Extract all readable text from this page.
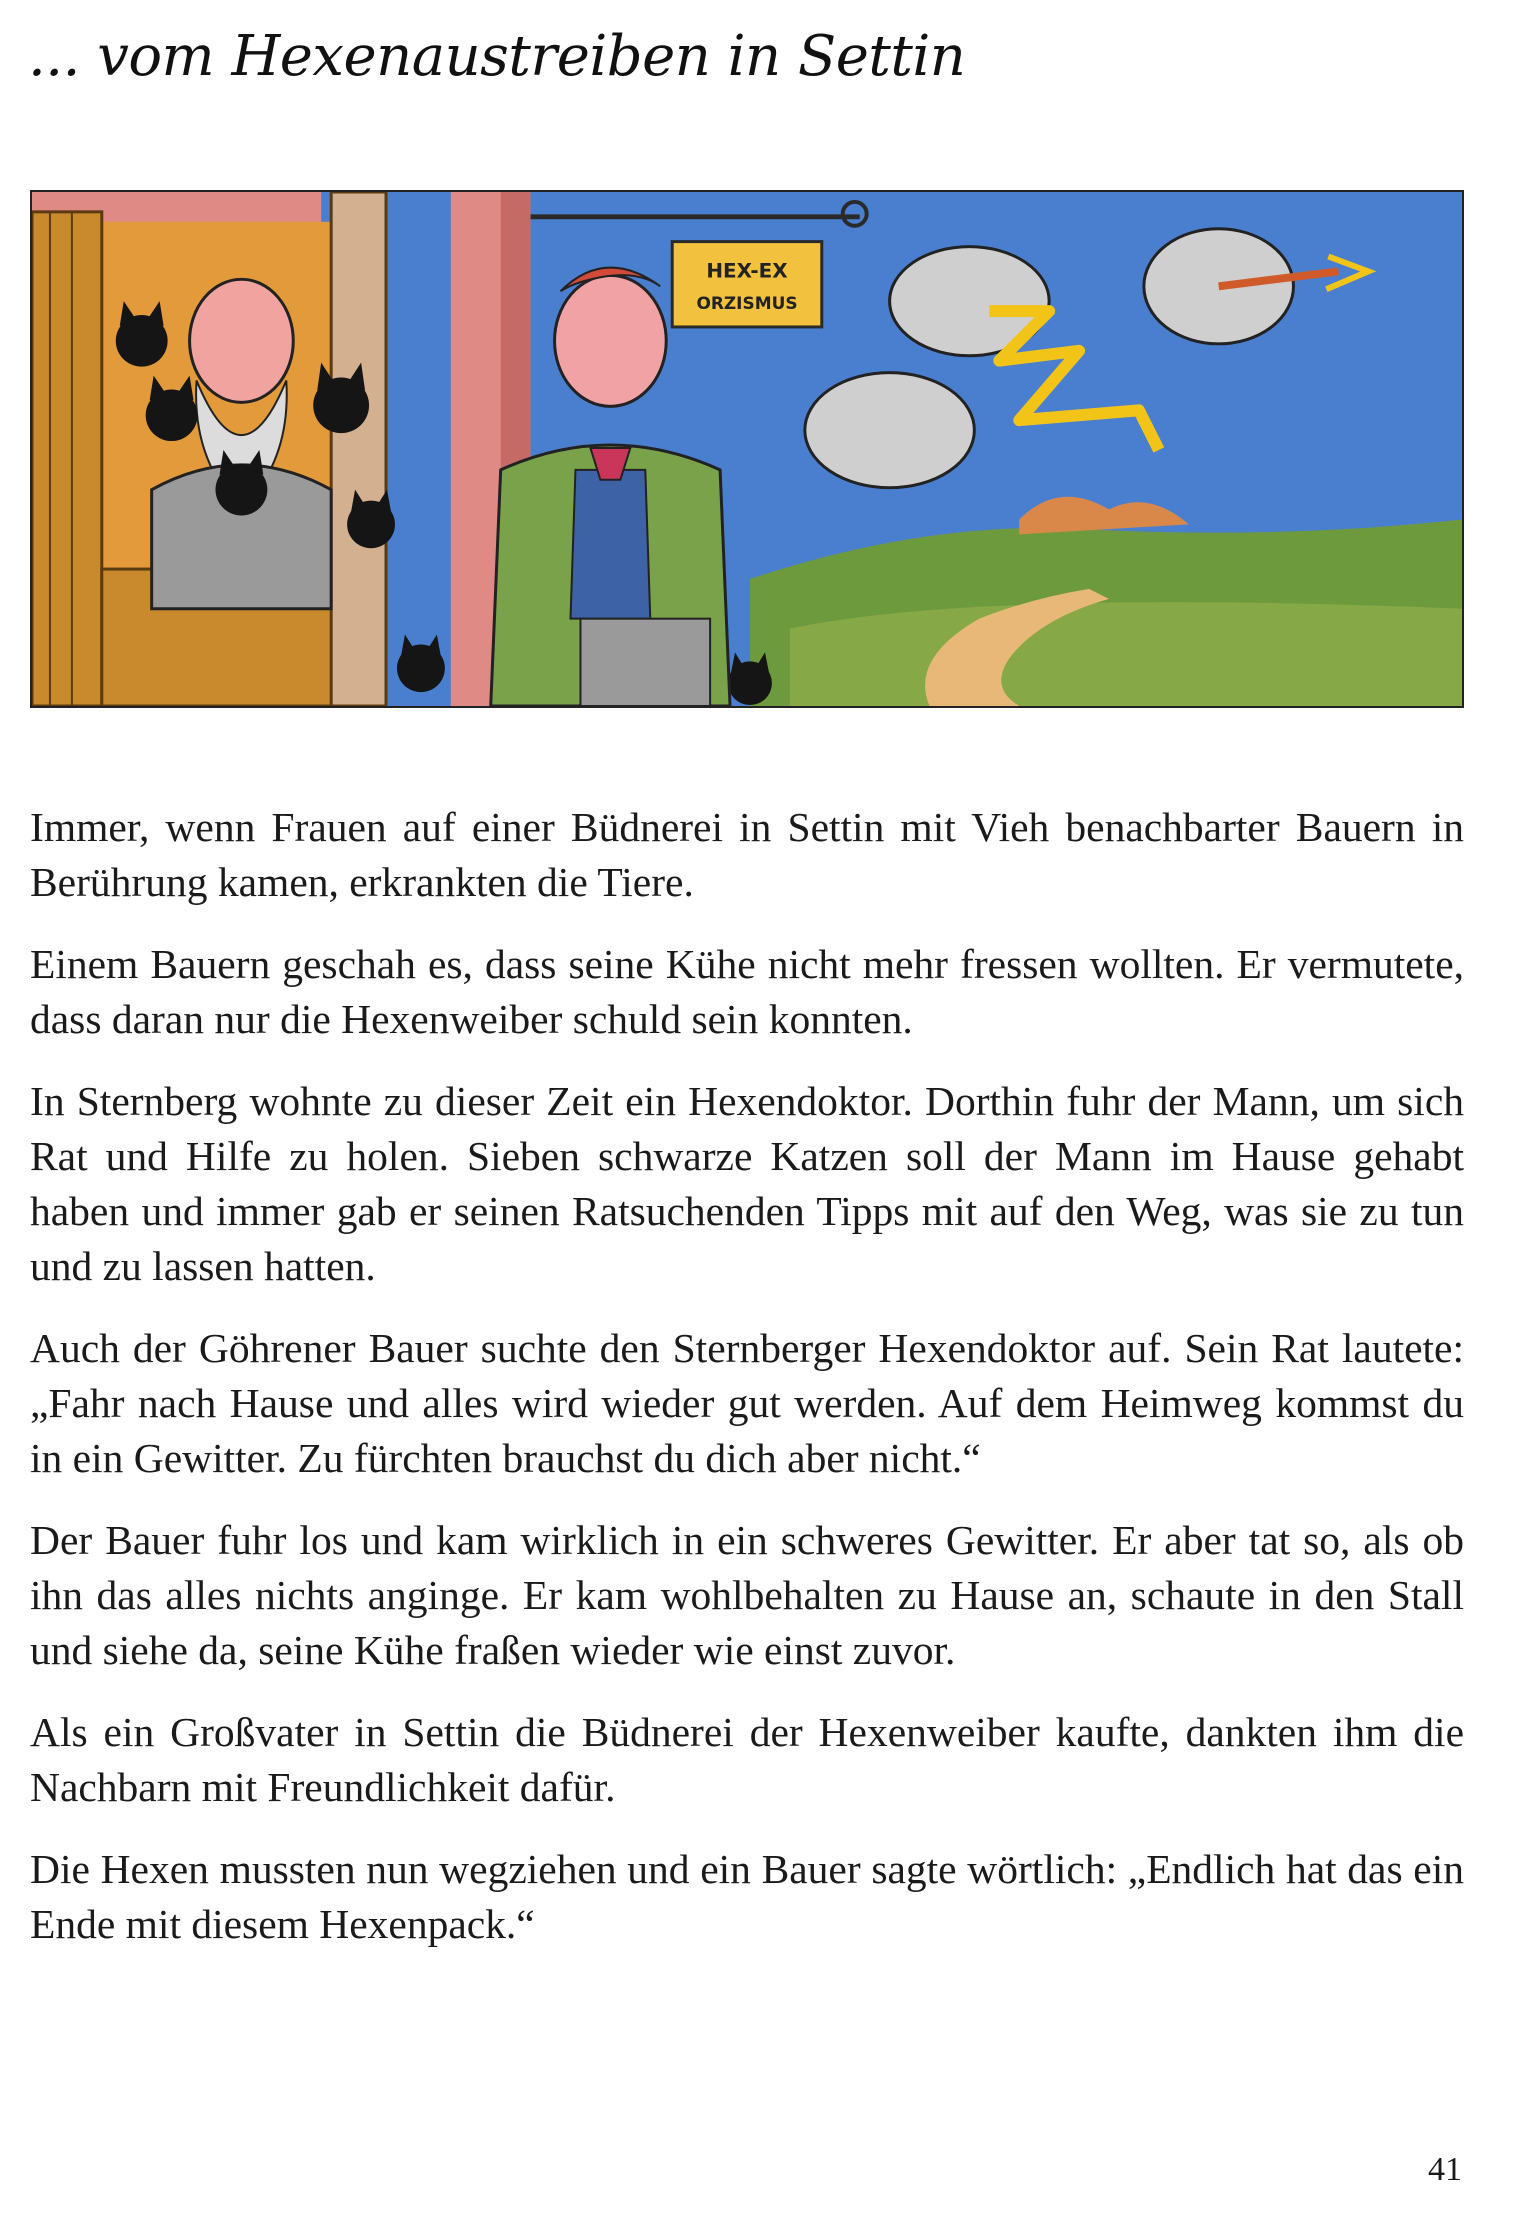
... vom Hexenaustreiben in Settin
HEX-EX
ORZISMUS

Immer, wenn Frauen auf einer Büdnerei in Settin mit Vieh benachbarter Bauern in Berührung kamen, erkrankten die Tiere.

Einem Bauern geschah es, dass seine Kühe nicht mehr fressen wollten. Er vermutete, dass daran nur die Hexenweiber schuld sein konnten.

In Sternberg wohnte zu dieser Zeit ein Hexendoktor. Dorthin fuhr der Mann, um sich Rat und Hilfe zu holen. Sieben schwarze Katzen soll der Mann im Hause gehabt haben und immer gab er seinen Ratsuchenden Tipps mit auf den Weg, was sie zu tun und zu lassen hatten.

Auch der Göhrener Bauer suchte den Sternberger Hexendoktor auf. Sein Rat lautete: „Fahr nach Hause und alles wird wieder gut werden. Auf dem Heimweg kommst du in ein Gewitter. Zu fürchten brauchst du dich aber nicht.“

Der Bauer fuhr los und kam wirklich in ein schweres Gewitter. Er aber tat so, als ob ihn das alles nichts anginge. Er kam wohlbehalten zu Hause an, schaute in den Stall und siehe da, seine Kühe fraßen wieder wie einst zuvor.

Als ein Großvater in Settin die Büdnerei der Hexenweiber kaufte, dankten ihm die Nachbarn mit Freundlichkeit dafür.

Die Hexen mussten nun wegziehen und ein Bauer sagte wörtlich: „Endlich hat das ein Ende mit diesem Hexenpack.“

41
